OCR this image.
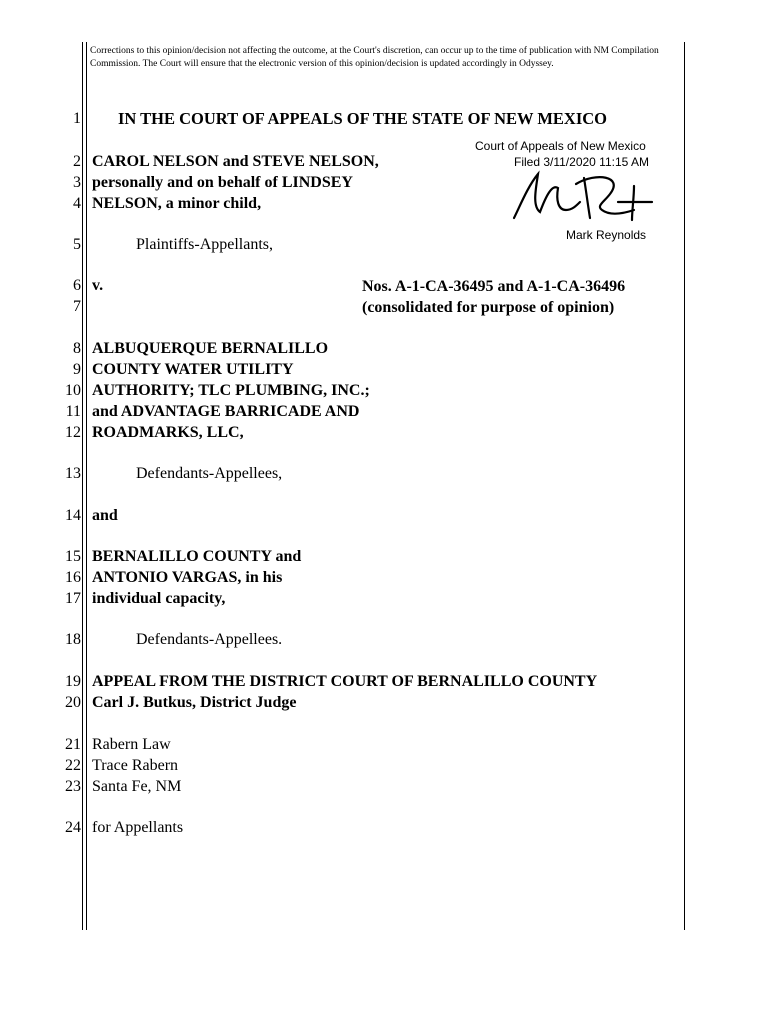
Corrections to this opinion/decision not affecting the outcome, at the Court's discretion, can occur up to the time of publication with NM Compilation Commission. The Court will ensure that the electronic version of this opinion/decision is updated accordingly in Odyssey.

Court of Appeals of New Mexico
Filed 3/11/2020 11:15 AM
Mark Reynolds
IN THE COURT OF APPEALS OF THE STATE OF NEW MEXICO
1
2
3
4
5
6
7
8
9
10
11
12
13
14
15
16
17
18
19
20
21
22
23
24
CAROL NELSON and STEVE NELSON,
personally and on behalf of LINDSEY
NELSON, a minor child,
Plaintiffs-Appellants,
v.	Nos. A-1-CA-36495 and A-1-CA-36496
(consolidated for purpose of opinion)
ALBUQUERQUE BERNALILLO
COUNTY WATER UTILITY
AUTHORITY; TLC PLUMBING, INC.;
and ADVANTAGE BARRICADE AND
ROADMARKS, LLC,
Defendants-Appellees,
and
BERNALILLO COUNTY and
ANTONIO VARGAS, in his
individual capacity,
Defendants-Appellees.
APPEAL FROM THE DISTRICT COURT OF BERNALILLO COUNTY
Carl J. Butkus, District Judge
Rabern Law
Trace Rabern
Santa Fe, NM
for Appellants
